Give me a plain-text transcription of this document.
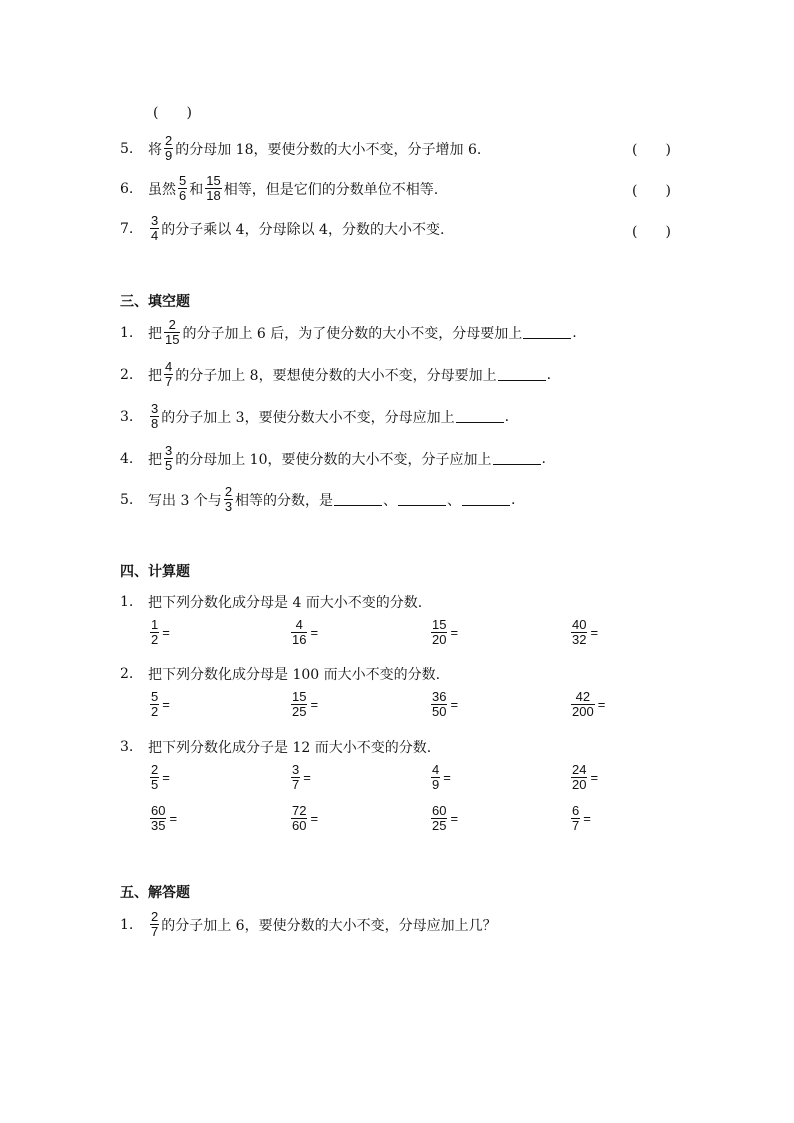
(　　)
5.	将 $\frac{2}{9}$ 的分母加 18，要使分数的大小不变，分子增加 6.	(　　)
6.	虽然 $\frac{5}{6}$ 和 $\frac{15}{18}$ 相等，但是它们的分数单位不相等.	(　　)
7.	$\frac{3}{4}$ 的分子乘以 4，分母除以 4，分数的大小不变.	(　　)
三、填空题
1.	把 $\frac{2}{15}$ 的分子加上 6 后，为了使分数的大小不变，分母要加上	.
2.	把 $\frac{4}{7}$ 的分子加上 8，要想使分数的大小不变，分母要加上	.
3.	$\frac{3}{8}$ 的分子加上 3，要使分数大小不变，分母应加上	.
4.	把 $\frac{3}{5}$ 的分母加上 10，要使分数的大小不变，分子应加上	.
5.	写出 3 个与 $\frac{2}{3}$ 相等的分数，是	、	、	.
四、计算题
1.	把下列分数化成分母是 4 而大小不变的分数.
$\frac{1}{2}$ =	$\frac{4}{16}$ =	$\frac{15}{20}$ =	$\frac{40}{32}$ =
2.	把下列分数化成分母是 100 而大小不变的分数.
$\frac{5}{2}$ =	$\frac{15}{25}$ =	$\frac{36}{50}$ =	$\frac{42}{200}$ =
3.	把下列分数化成分子是 12 而大小不变的分数.
$\frac{2}{5}$ =	$\frac{3}{7}$ =	$\frac{4}{9}$ =	$\frac{24}{20}$ =
$\frac{60}{35}$ =	$\frac{72}{60}$ =	$\frac{60}{25}$ =	$\frac{6}{7}$ =
五、解答题
1.	$\frac{2}{7}$ 的分子加上 6，要使分数的大小不变，分母应加上几？
